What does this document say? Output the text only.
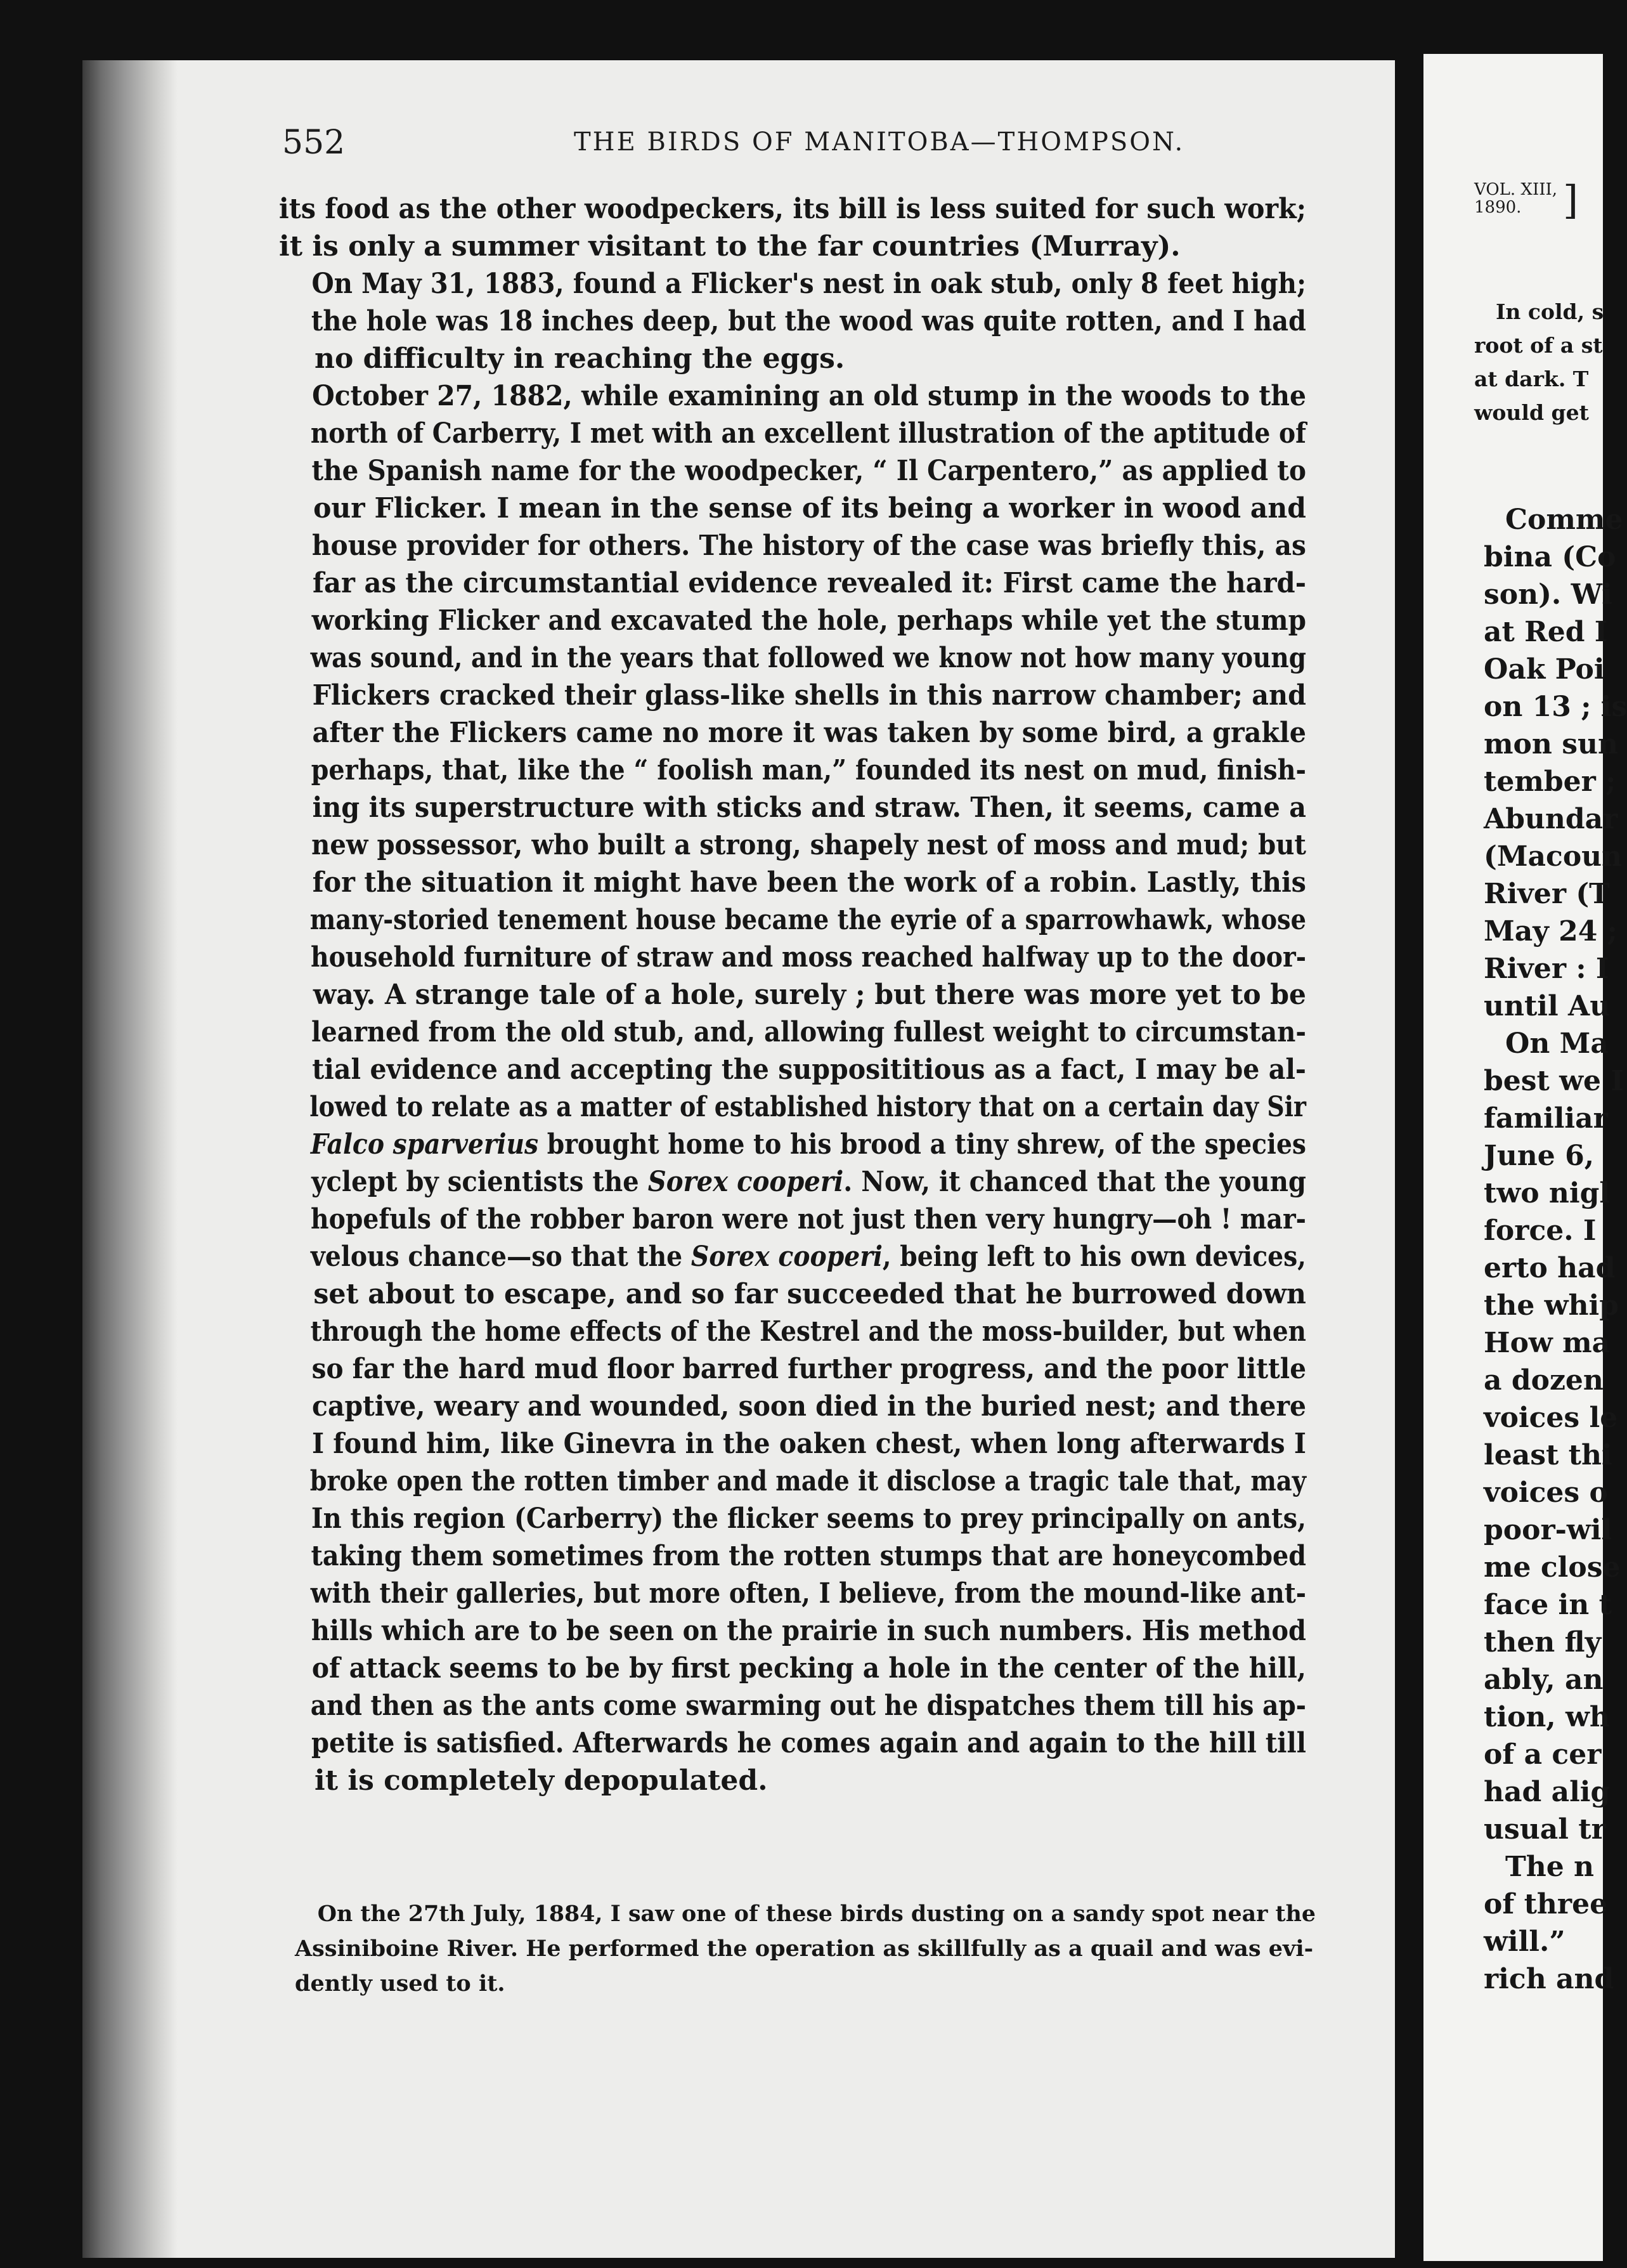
552	THE BIRDS OF MANITOBA—THOMPSON.

its food as the other woodpeckers, its bill is less suited for such work;
it is only a summer visitant to the far countries (Murray).

On May 31, 1883, found a Flicker's nest in oak stub, only 8 feet high;
the hole was 18 inches deep, but the wood was quite rotten, and I had
no difficulty in reaching the eggs.

October 27, 1882, while examining an old stump in the woods to the
north of Carberry, I met with an excellent illustration of the aptitude of
the Spanish name for the woodpecker, “ Il Carpentero,” as applied to
our Flicker. I mean in the sense of its being a worker in wood and
house provider for others. The history of the case was briefly this, as
far as the circumstantial evidence revealed it: First came the hard-
working Flicker and excavated the hole, perhaps while yet the stump
was sound, and in the years that followed we know not how many young
Flickers cracked their glass-like shells in this narrow chamber; and
after the Flickers came no more it was taken by some bird, a grakle
perhaps, that, like the “ foolish man,” founded its nest on mud, finish-
ing its superstructure with sticks and straw. Then, it seems, came a
new possessor, who built a strong, shapely nest of moss and mud; but
for the situation it might have been the work of a robin. Lastly, this
many-storied tenement house became the eyrie of a sparrowhawk, whose
household furniture of straw and moss reached halfway up to the door-
way. A strange tale of a hole, surely ; but there was more yet to be
learned from the old stub, and, allowing fullest weight to circumstan-
tial evidence and accepting the supposititious as a fact, I may be al-
lowed to relate as a matter of established history that on a certain day Sir
Falco sparverius brought home to his brood a tiny shrew, of the species
yclept by scientists the Sorex cooperi. Now, it chanced that the young
hopefuls of the robber baron were not just then very hungry—oh ! mar-
velous chance—so that the Sorex cooperi, being left to his own devices,
set about to escape, and so far succeeded that he burrowed down
through the home effects of the Kestrel and the moss-builder, but when
so far the hard mud floor barred further progress, and the poor little
captive, weary and wounded, soon died in the buried nest; and there
I found him, like Ginevra in the oaken chest, when long afterwards I
broke open the rotten timber and made it disclose a tragic tale that, may

In this region (Carberry) the flicker seems to prey principally on ants,
taking them sometimes from the rotten stumps that are honeycombed
with their galleries, but more often, I believe, from the mound-like ant-
hills which are to be seen on the prairie in such numbers. His method
of attack seems to be by first pecking a hole in the center of the hill,
and then as the ants come swarming out he dispatches them till his ap-
petite is satisfied. Afterwards he comes again and again to the hill till
it is completely depopulated.

On the 27th July, 1884, I saw one of these birds dusting on a sandy spot near the
Assiniboine River. He performed the operation as skillfully as a quail and was evi-
dently used to it.
VOL. XIII,
1890.	]
In cold, s
root of a st
at dark. T
would get
Comme
bina (Co
son). Wi
at Red I
Oak Poi
on 13 ; is
mon sun
tember ;
Abundar
(Macoun
River (T
May 24 ;
River : I
until Au
On Ma
best we I
familiar
June 6,
two nigl
force. I
erto had
the whip
How ma
a dozen
voices le
least thi
voices o
poor-wil
me close
face in t
then fly
ably, an
tion, wh
of a cer
had alig
usual tr
The n
of three
will.”
rich and
